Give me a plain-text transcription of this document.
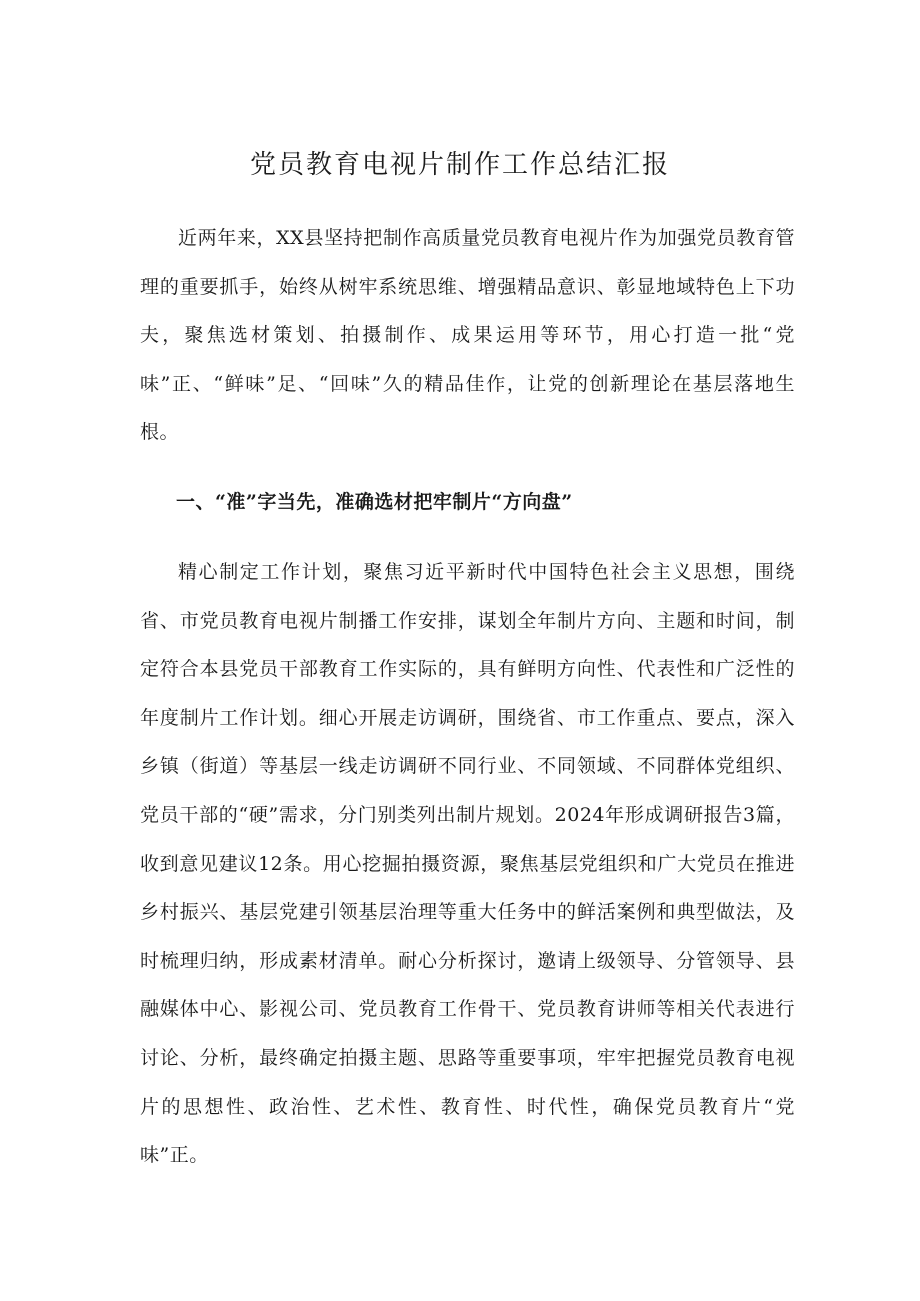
党员教育电视片制作工作总结汇报

近两年来，XX县坚持把制作高质量党员教育电视片作为加强党员教育管理的重要抓手，始终从树牢系统思维、增强精品意识、彰显地域特色上下功夫，聚焦选材策划、拍摄制作、成果运用等环节，用心打造一批“党味”正、“鲜味”足、“回味”久的精品佳作，让党的创新理论在基层落地生根。

一、“准”字当先，准确选材把牢制片“方向盘”

精心制定工作计划，聚焦习近平新时代中国特色社会主义思想，围绕省、市党员教育电视片制播工作安排，谋划全年制片方向、主题和时间，制定符合本县党员干部教育工作实际的，具有鲜明方向性、代表性和广泛性的年度制片工作计划。细心开展走访调研，围绕省、市工作重点、要点，深入乡镇（街道）等基层一线走访调研不同行业、不同领域、不同群体党组织、党员干部的“硬”需求，分门别类列出制片规划。2024年形成调研报告3篇，收到意见建议12条。用心挖掘拍摄资源，聚焦基层党组织和广大党员在推进乡村振兴、基层党建引领基层治理等重大任务中的鲜活案例和典型做法，及时梳理归纳，形成素材清单。耐心分析探讨，邀请上级领导、分管领导、县融媒体中心、影视公司、党员教育工作骨干、党员教育讲师等相关代表进行讨论、分析，最终确定拍摄主题、思路等重要事项，牢牢把握党员教育电视片的思想性、政治性、艺术性、教育性、时代性，确保党员教育片“党味”正。
